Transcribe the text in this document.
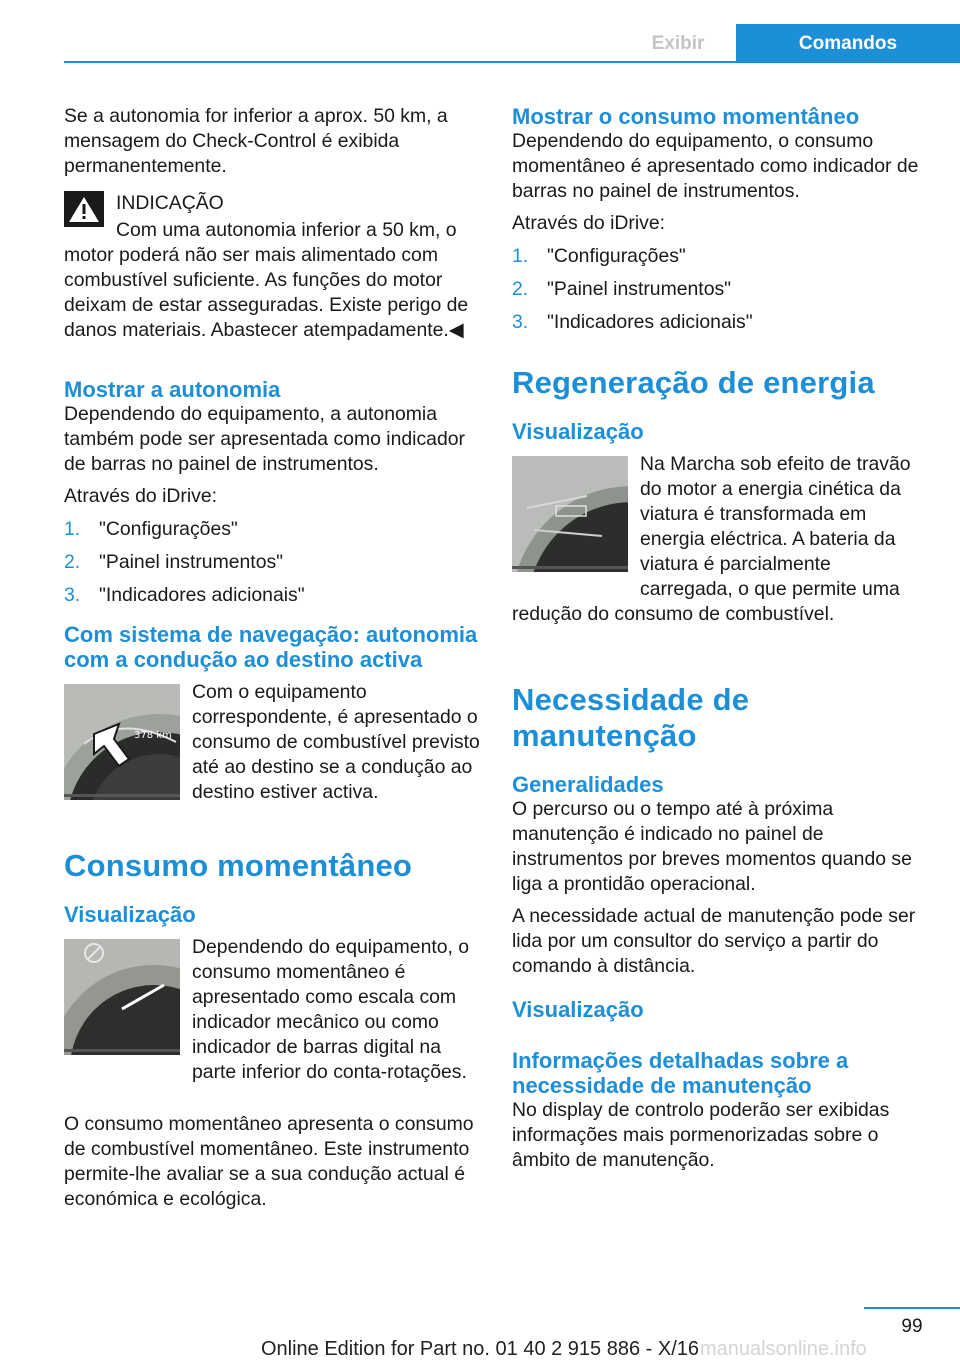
Exibir	Comandos

Se a autonomia for inferior a aprox. 50 km, a mensagem do Check-Control é exibida permanentemente.

INDICAÇÃO

Com uma autonomia inferior a 50 km, o motor poderá não ser mais alimentado com combustível suficiente. As funções do motor deixam de estar asseguradas. Existe perigo de danos materiais. Abastecer atempadamente.◀

Mostrar a autonomia

Dependendo do equipamento, a autonomia também pode ser apresentada como indicador de barras no painel de instrumentos.

Através do iDrive:

1. "Configurações"
2. "Painel instrumentos"
3. "Indicadores adicionais"
Com sistema de navegação: autonomia com a condução ao destino activa
378 km

Com o equipamento correspondente, é apresentado o consumo de combustível previsto até ao destino se a condução ao destino estiver activa.

Consumo momentâneo
Visualização

Dependendo do equipamento, o consumo momentâneo é apresentado como escala com indicador mecânico ou como indicador de barras digital na parte inferior do conta-rotações.

O consumo momentâneo apresenta o consumo de combustível momentâneo. Este instrumento permite-lhe avaliar se a sua condução actual é económica e ecológica.

Mostrar o consumo momentâneo

Dependendo do equipamento, o consumo momentâneo é apresentado como indicador de barras no painel de instrumentos.

Através do iDrive:

1. "Configurações"
2. "Painel instrumentos"
3. "Indicadores adicionais"
Regeneração de energia
Visualização

Na Marcha sob efeito de travão do motor a energia cinética da viatura é transformada em energia eléctrica. A bateria da viatura é parcialmente carregada, o que permite uma redução do consumo de combustível.

Necessidade de manutenção
Generalidades

O percurso ou o tempo até à próxima manutenção é indicado no painel de instrumentos por breves momentos quando se liga a prontidão operacional.

A necessidade actual de manutenção pode ser lida por um consultor do serviço a partir do comando à distância.

Visualização
Informações detalhadas sobre a necessidade de manutenção

No display de controlo poderão ser exibidas informações mais pormenorizadas sobre o âmbito de manutenção.

99
manualsonline.info
Online Edition for Part no. 01 40 2 915 886 - X/16
